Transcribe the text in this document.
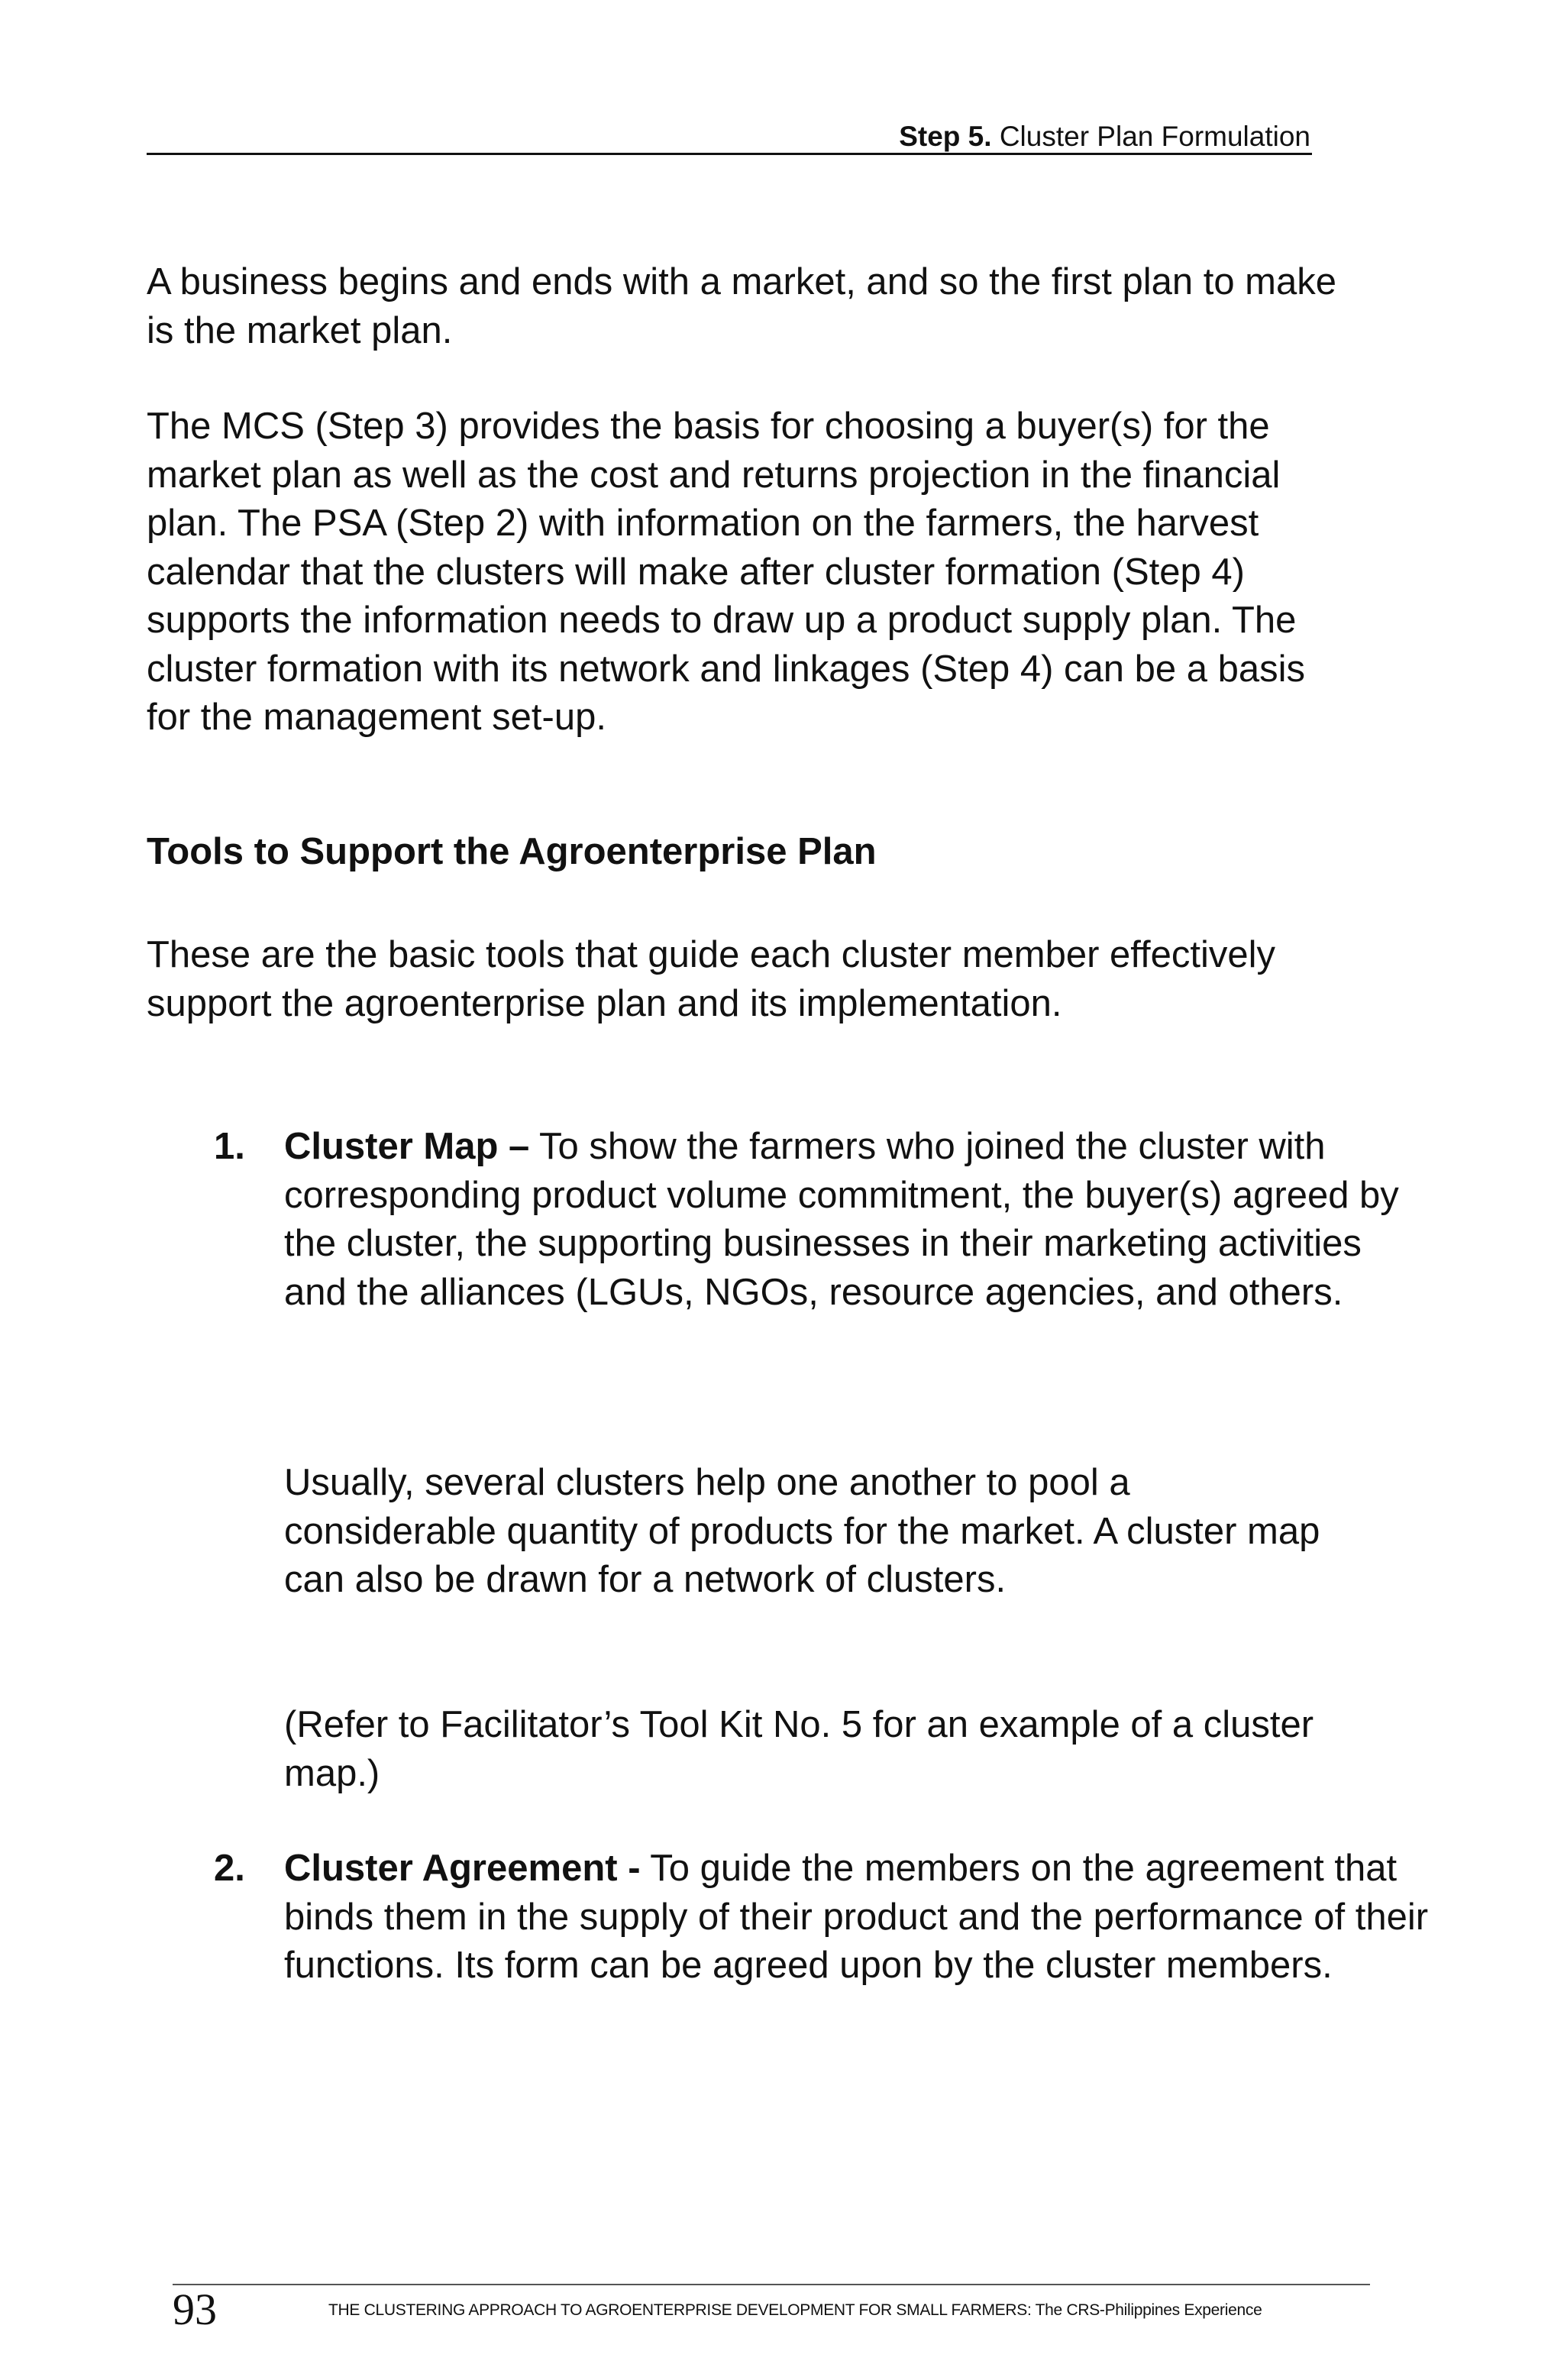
Step 5. Cluster Plan Formulation

A business begins and ends with a market, and so the first plan to make is the market plan.

The MCS (Step 3) provides the basis for choosing a buyer(s) for the market plan as well as the cost and returns projection in the financial plan. The PSA (Step 2) with information on the farmers, the harvest calendar that the clusters will make after cluster formation (Step 4) supports the information needs to draw up a product supply plan. The cluster formation with its network and linkages (Step 4) can be a basis for the management set-up.

Tools to Support the Agroenterprise Plan

These are the basic tools that guide each cluster member effectively support the agroenterprise plan and its implementation.

1.	Cluster Map – To show the farmers who joined the cluster with corresponding product volume commitment, the buyer(s) agreed by the cluster, the supporting businesses in their marketing activities and the alliances (LGUs, NGOs, resource agencies, and others.

Usually, several clusters help one another to pool a considerable quantity of products for the market. A cluster map can also be drawn for a network of clusters.

(Refer to Facilitator’s Tool Kit No. 5 for an example of a cluster map.)

2.	Cluster Agreement - To guide the members on the agreement that binds them in the supply of their product and the performance of their functions. Its form can be agreed upon by the cluster members.

93	THE CLUSTERING APPROACH TO AGROENTERPRISE DEVELOPMENT FOR SMALL FARMERS: The CRS-Philippines Experience
